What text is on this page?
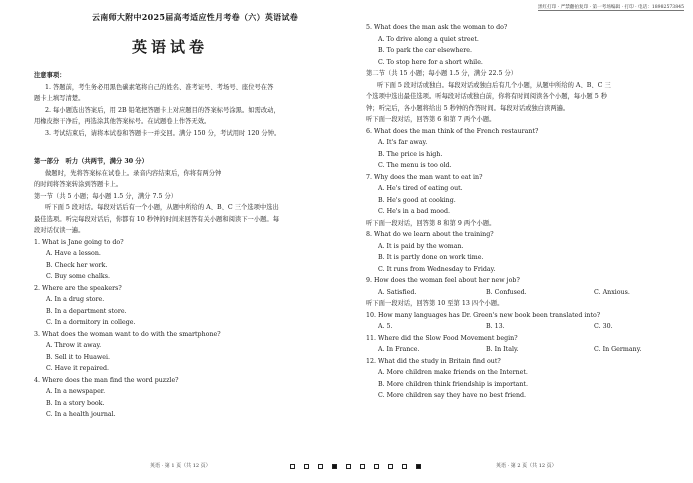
云南师大附中2025届高考适应性月考卷（六）英语试卷
英语试卷
注意事项：
1. 答题前，考生务必用黑色碳素笔将自己的姓名、准考证号、考场号、座位号在答
题卡上填写清楚。
2. 每小题选出答案后，用 2B 铅笔把答题卡上对应题目的答案标号涂黑。如需改动，
用橡皮擦干净后，再选涂其他答案标号。在试题卷上作答无效。
3. 考试结束后，请将本试卷和答题卡一并交回。满分 150 分，考试用时 120 分钟。
第一部分　听力（共两节，满分 30 分）
做题时，先将答案标在试卷上。录音内容结束后，你将有两分钟
的时间将答案转涂到答题卡上。
第一节（共 5 小题；每小题 1.5 分，满分 7.5 分）
听下面 5 段对话。每段对话后有一个小题，从题中所给的 A、B、C 三个选项中选出
最佳选项。听完每段对话后，你都有 10 秒钟的时间来回答有关小题和阅读下一小题。每
段对话仅读一遍。
1. What is Jane going to do?
A. Have a lesson.
B. Check her work.
C. Buy some chalks.
2. Where are the speakers?
A. In a drug store.
B. In a department store.
C. In a dormitory in college.
3. What does the woman want to do with the smartphone?
A. Throw it away.
B. Sell it to Huawei.
C. Have it repaired.
4. Where does the man find the word puzzle?
A. In a newspaper.
B. In a story book.
C. In a health journal.
英语 · 第 1 页（共 12 页）
黑红打印 · 严禁翻拍复印 · 第一考场编辑 · 打印 · 电话：18982573845
5. What does the man ask the woman to do?
A. To drive along a quiet street.
B. To park the car elsewhere.
C. To stop here for a short while.
第二节（共 15 小题；每小题 1.5 分，满分 22.5 分）
听下面 5 段对话或独白。每段对话或独白后有几个小题，从题中所给的 A、B、C 三
个选项中选出最佳选项。听每段对话或独白前，你将有时间阅读各个小题，每小题 5 秒
钟；听完后，各小题将给出 5 秒钟的作答时间。每段对话或独白读两遍。
听下面一段对话，回答第 6 和第 7 两个小题。
6. What does the man think of the French restaurant?
A. It's far away.
B. The price is high.
C. The menu is too old.
7. Why does the man want to eat in?
A. He's tired of eating out.
B. He's good at cooking.
C. He's in a bad mood.
听下面一段对话，回答第 8 和第 9 两个小题。
8. What do we learn about the training?
A. It is paid by the woman.
B. It is partly done on work time.
C. It runs from Wednesday to Friday.
9. How does the woman feel about her new job?
A. Satisfied.	B. Confused.	C. Anxious.
听下面一段对话，回答第 10 至第 13 四个小题。
10. How many languages has Dr. Green's new book been translated into?
A. 5.	B. 13.	C. 30.
11. Where did the Slow Food Movement begin?
A. In France.	B. In Italy.	C. In Germany.
12. What did the study in Britain find out?
A. More children make friends on the Internet.
B. More children think friendship is important.
C. More children say they have no best friend.
英语 · 第 2 页（共 12 页）
